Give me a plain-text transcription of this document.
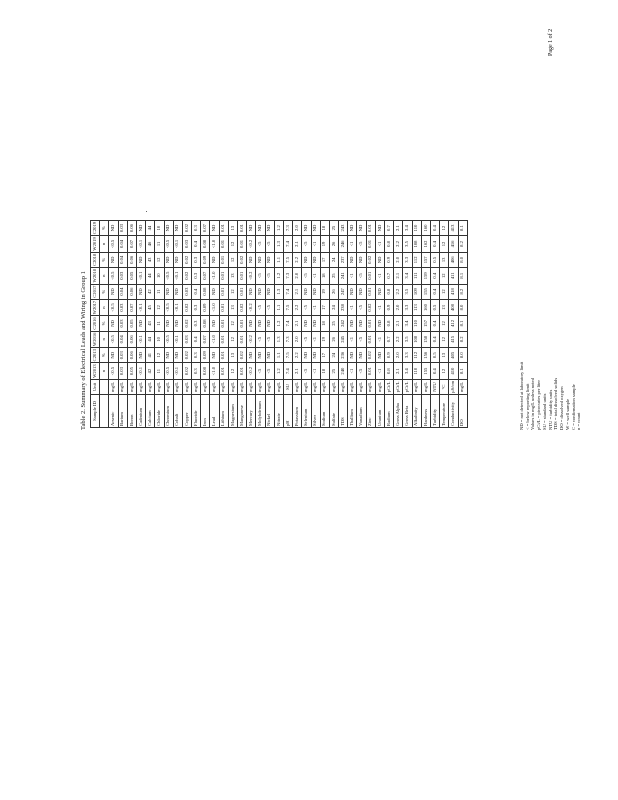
Table 2. Summary of Electrical Leads and Wiring in Group 1 Sample ID	Unit	W2013	C2013	W2016	C2016	W2017	C2017	W2018	C2018	W2019	C2019
		n	%	n	%	n	%	n	%	n	%
Arsenic	mg/L	<0.5	ND	<0.5	ND	<0.5	ND	<0.5	ND	<0.5	ND
Barium	mg/L	0.03	0.03	0.04	0.03	0.03	0.04	0.03	0.04	0.04	0.03
Boron	mg/L	0.05	0.06	0.06	0.05	0.07	0.06	0.05	0.06	0.07	0.06
Cadmium	mg/L	<0.1	ND	<0.1	ND	<0.1	ND	<0.1	ND	<0.1	ND
Calcium	mg/L	42	41	44	43	45	42	44	43	46	44
Chloride	mg/L	11	12	10	11	12	11	10	12	11	10
Chromium	mg/L	<0.5	ND	<0.5	ND	<0.5	ND	<0.5	ND	<0.5	ND
Cobalt	mg/L	<0.1	ND	<0.1	ND	<0.1	ND	<0.1	ND	<0.1	ND
Copper	mg/L	0.02	0.02	0.03	0.02	0.02	0.03	0.02	0.02	0.03	0.02
Fluoride	mg/L	0.3	0.3	0.4	0.3	0.3	0.4	0.3	0.3	0.4	0.3
Iron	mg/L	0.08	0.09	0.07	0.08	0.09	0.08	0.07	0.09	0.08	0.07
Lead	mg/L	<1.0	ND	<1.0	ND	<1.0	ND	<1.0	ND	<1.0	ND
Lithium	mg/L	0.01	0.01	0.01	0.01	0.01	0.01	0.01	0.01	0.01	0.01
Magnesium	mg/L	12	13	12	12	13	12	13	12	12	13
Manganese	mg/L	0.01	0.02	0.01	0.01	0.02	0.01	0.01	0.02	0.01	0.01
Mercury	mg/L	<0.2	ND	<0.2	ND	<0.2	ND	<0.2	ND	<0.2	ND
Molybdenum	mg/L	<5	ND	<5	ND	<5	ND	<5	ND	<5	ND
Nickel	mg/L	<5	ND	<5	ND	<5	ND	<5	ND	<5	ND
Nitrate	mg/L	1.2	1.1	1.3	1.2	1.1	1.3	1.2	1.1	1.3	1.2
pH	SU	7.4	7.5	7.3	7.4	7.5	7.4	7.3	7.5	7.4	7.3
Potassium	mg/L	2.1	2.2	2.0	2.1	2.2	2.1	2.0	2.2	2.1	2.0
Selenium	mg/L	<5	ND	<5	ND	<5	ND	<5	ND	<5	ND
Silver	mg/L	<1	ND	<1	ND	<1	ND	<1	ND	<1	ND
Sodium	mg/L	18	17	19	18	17	19	18	17	19	18
Sulfate	mg/L	25	24	26	25	24	26	25	24	26	25
TDS	mg/L	240	236	245	242	238	247	241	237	246	243
Thallium	mg/L	<1	ND	<1	ND	<1	ND	<1	ND	<1	ND
Vanadium	mg/L	<5	ND	<5	ND	<5	ND	<5	ND	<5	ND
Zinc	mg/L	0.01	0.02	0.01	0.01	0.02	0.01	0.01	0.02	0.01	0.01
Uranium	mg/L	<1	ND	<1	ND	<1	ND	<1	ND	<1	ND
Radium	pCi/L	0.8	0.9	0.7	0.8	0.9	0.8	0.7	0.9	0.8	0.7
Gross Alpha	pCi/L	2.1	2.0	2.2	2.1	2.0	2.2	2.1	2.0	2.2	2.1
Gross Beta	pCi/L	3.4	3.3	3.5	3.4	3.3	3.5	3.4	3.3	3.5	3.4
Alkalinity	mg/L	110	112	108	110	113	109	111	112	108	110
Hardness	mg/L	155	156	158	157	160	155	159	157	162	160
Turbidity	NTU	0.4	0.5	0.4	0.4	0.5	0.4	0.4	0.5	0.4	0.4
Temperature	°C	12	13	12	12	13	12	12	13	12	12
Conductivity	µS/cm	410	405	415	412	408	418	411	406	416	413
DO	mg/L	8.1	8.0	8.2	8.1	8.0	8.2	8.1	8.0	8.2	8.1
ND = not detected at laboratory limit < = below reporting limit Values in mg/L unless noted pCi/L = picocuries per liter
SU = standard units NTU = turbidity units TDS = total dissolved solids DO = dissolved oxygen
W = well sample C = confirmation sample n = count
Page 1 of 2
